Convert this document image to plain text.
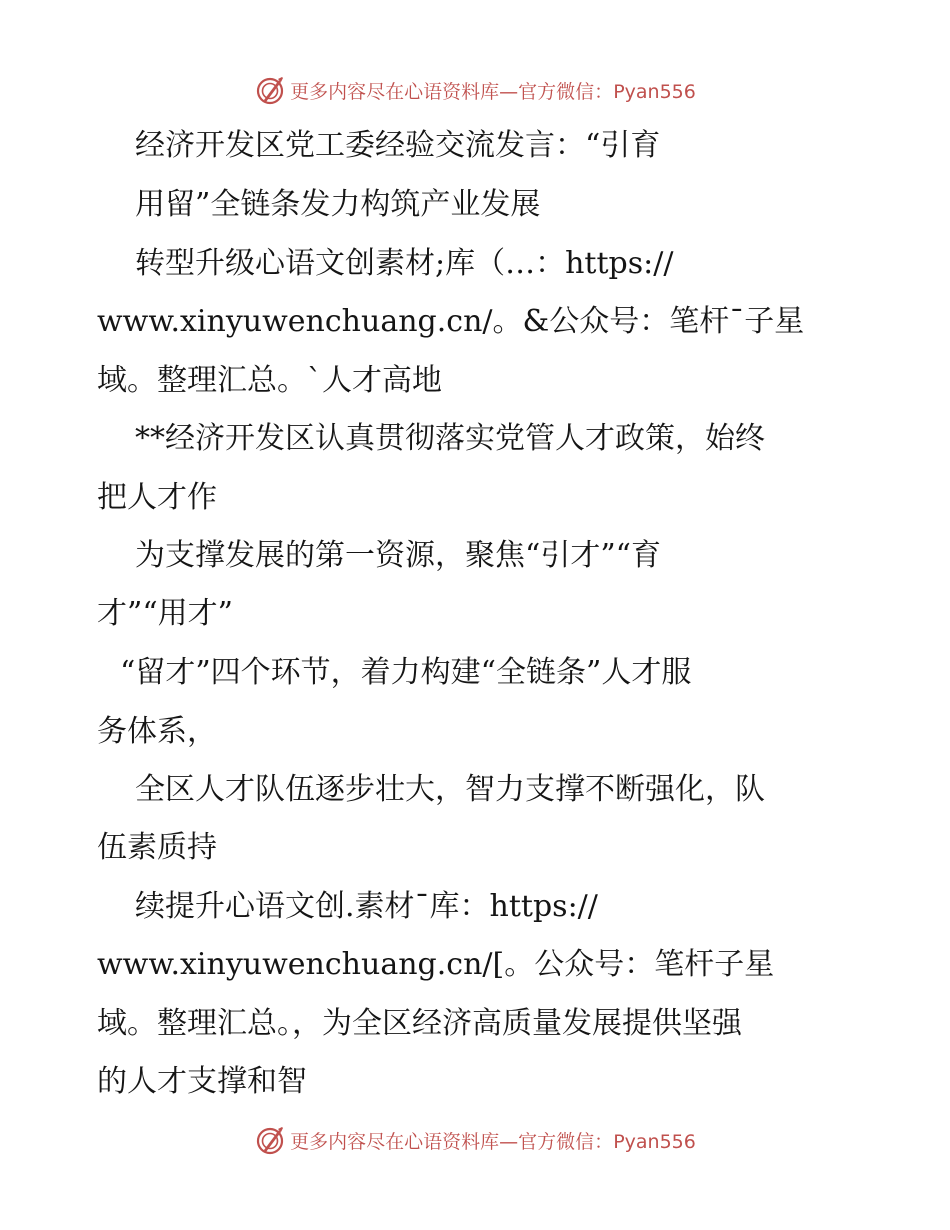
更多内容尽在心语资料库—官方微信：Pyan556
经济开发区党工委经验交流发言：“引育
用留”全链条发力构筑产业发展
转型升级心语文创素材;库（…：https://
www.xinyuwenchuang.cn/。&公众号：笔杆¯子星
域。整理汇总。`人才高地
**经济开发区认真贯彻落实党管人才政策，始终
把人才作
为支撑发展的第一资源，聚焦“引才”“育
才”“用才”
“留才”四个环节，着力构建“全链条”人才服
务体系，
全区人才队伍逐步壮大，智力支撑不断强化，队
伍素质持
续提升心语文创.素材¯库：https://
www.xinyuwenchuang.cn/[。公众号：笔杆子星
域。整理汇总。，为全区经济高质量发展提供坚强
的人才支撑和智
更多内容尽在心语资料库—官方微信：Pyan556
